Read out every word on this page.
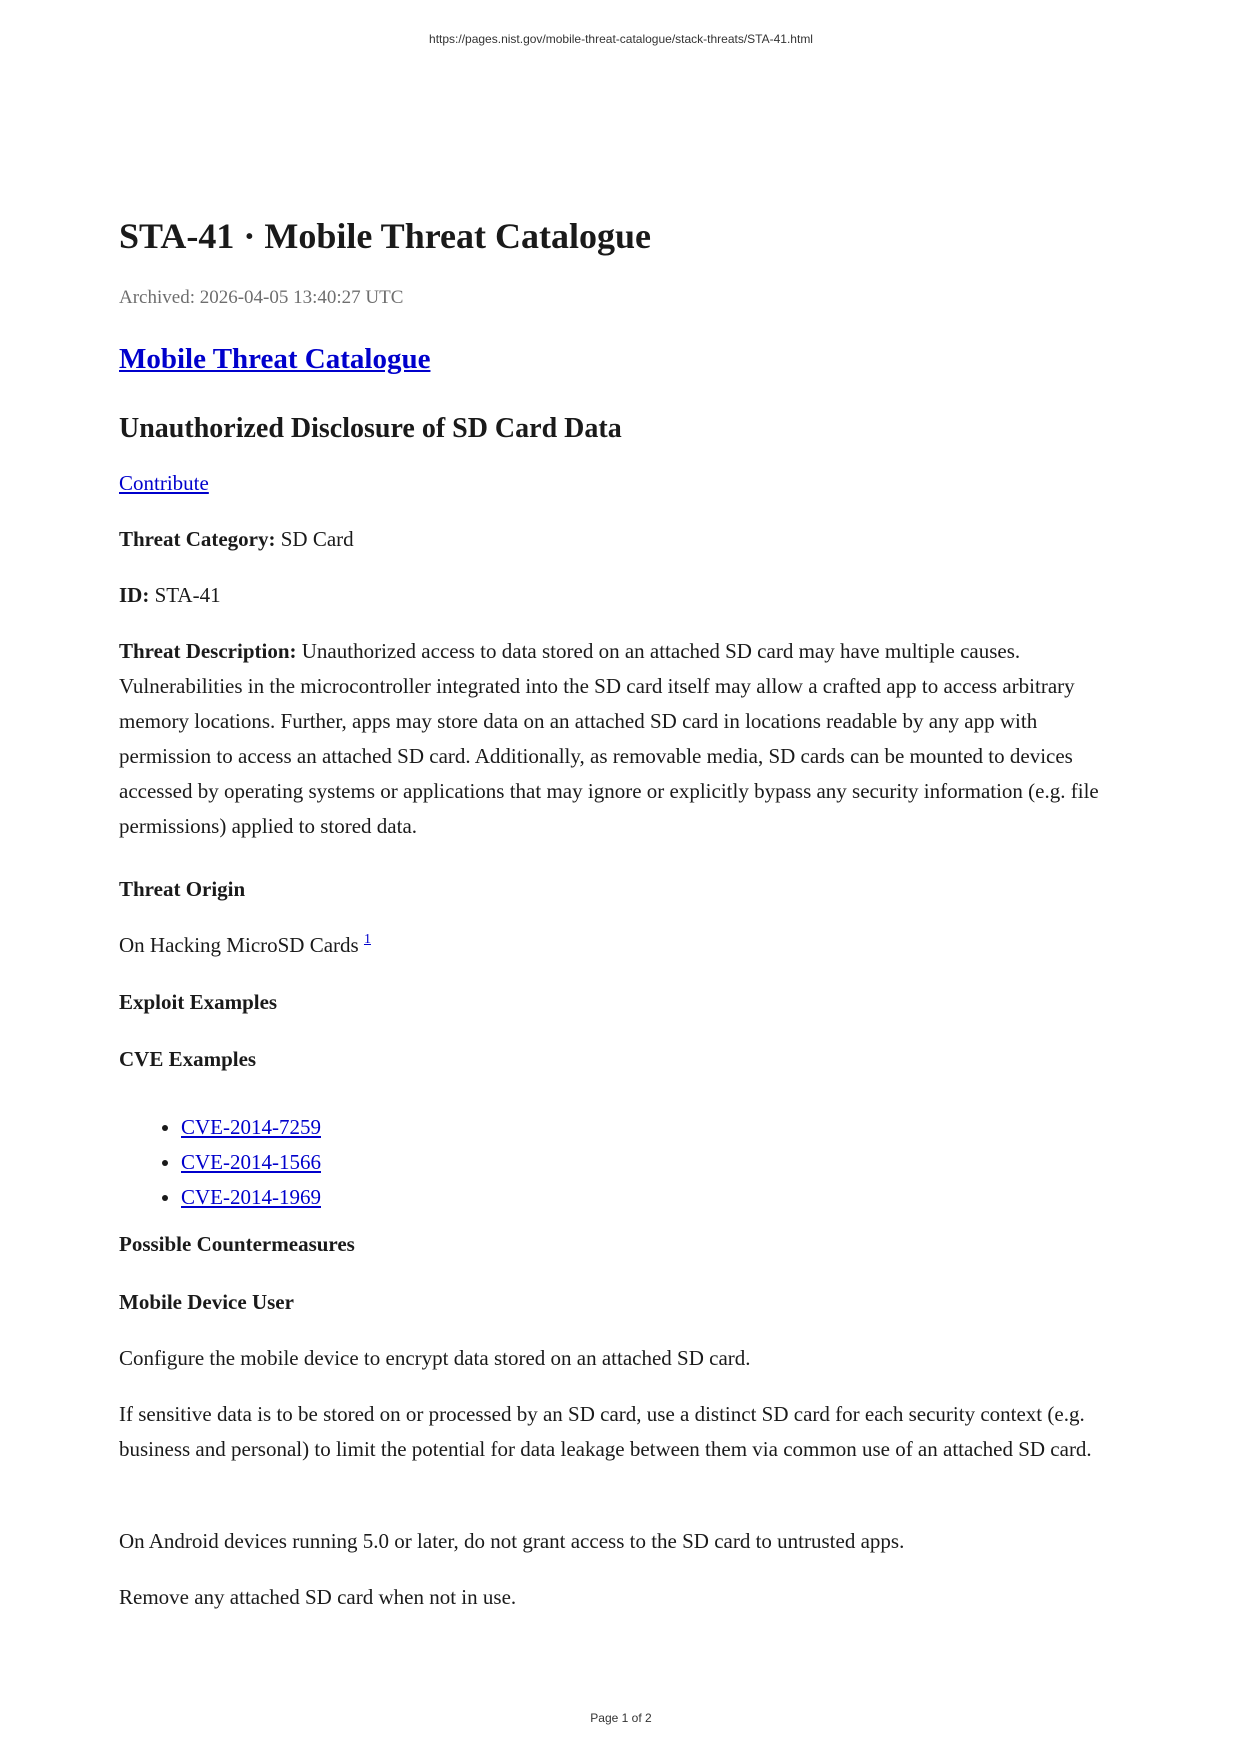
https://pages.nist.gov/mobile-threat-catalogue/stack-threats/STA-41.html
STA-41 · Mobile Threat Catalogue

Archived: 2026-04-05 13:40:27 UTC

Mobile Threat Catalogue
Unauthorized Disclosure of SD Card Data

Contribute

Threat Category: SD Card

ID: STA-41

Threat Description: Unauthorized access to data stored on an attached SD card may have multiple causes. Vulnerabilities in the microcontroller integrated into the SD card itself may allow a crafted app to access arbitrary memory locations. Further, apps may store data on an attached SD card in locations readable by any app with permission to access an attached SD card. Additionally, as removable media, SD cards can be mounted to devices accessed by operating systems or applications that may ignore or explicitly bypass any security information (e.g. file permissions) applied to stored data.

Threat Origin

On Hacking MicroSD Cards $^1$

Exploit Examples
CVE Examples
• CVE-2014-7259
• CVE-2014-1566
• CVE-2014-1969
Possible Countermeasures
Mobile Device User

Configure the mobile device to encrypt data stored on an attached SD card.

If sensitive data is to be stored on or processed by an SD card, use a distinct SD card for each security context (e.g. business and personal) to limit the potential for data leakage between them via common use of an attached SD card.

On Android devices running 5.0 or later, do not grant access to the SD card to untrusted apps.

Remove any attached SD card when not in use.

Page 1 of 2
